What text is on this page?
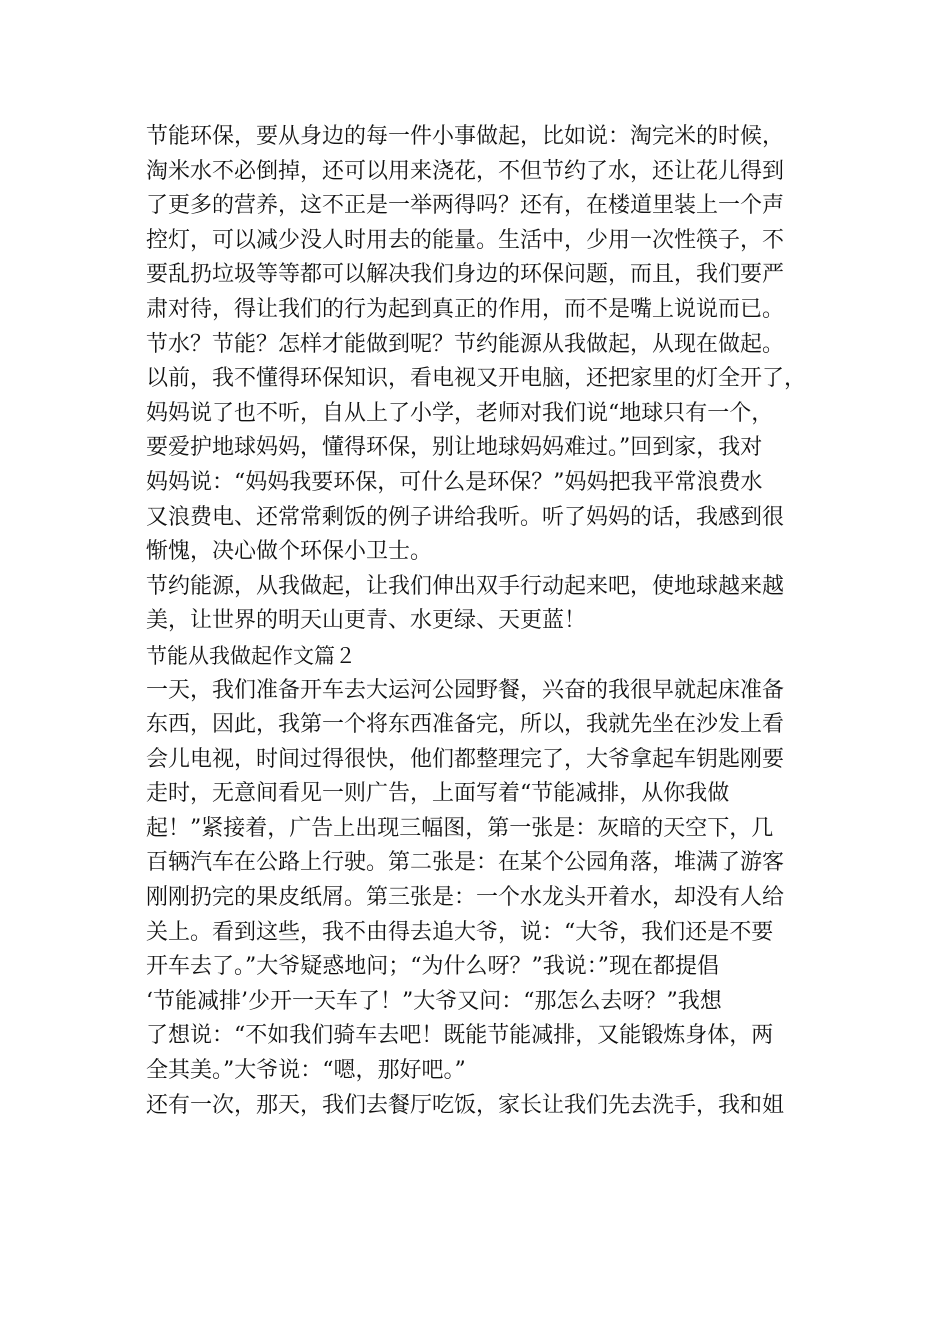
节能环保，要从身边的每一件小事做起，比如说：淘完米的时候，
淘米水不必倒掉，还可以用来浇花，不但节约了水，还让花儿得到
了更多的营养，这不正是一举两得吗？还有，在楼道里装上一个声
控灯，可以减少没人时用去的能量。生活中，少用一次性筷子，不
要乱扔垃圾等等都可以解决我们身边的环保问题，而且，我们要严
肃对待，得让我们的行为起到真正的作用，而不是嘴上说说而已。
节水？节能？怎样才能做到呢？节约能源从我做起，从现在做起。
以前，我不懂得环保知识，看电视又开电脑，还把家里的灯全开了，
妈妈说了也不听，自从上了小学，老师对我们说“地球只有一个，
要爱护地球妈妈，懂得环保，别让地球妈妈难过。”回到家，我对
妈妈说：“妈妈我要环保，可什么是环保？”妈妈把我平常浪费水
又浪费电、还常常剩饭的例子讲给我听。听了妈妈的话，我感到很
惭愧，决心做个环保小卫士。
节约能源，从我做起，让我们伸出双手行动起来吧，使地球越来越
美，让世界的明天山更青、水更绿、天更蓝！
节能从我做起作文篇２
一天，我们准备开车去大运河公园野餐，兴奋的我很早就起床准备
东西，因此，我第一个将东西准备完，所以，我就先坐在沙发上看
会儿电视，时间过得很快，他们都整理完了，大爷拿起车钥匙刚要
走时，无意间看见一则广告，上面写着“节能减排，从你我做
起！”紧接着，广告上出现三幅图，第一张是：灰暗的天空下，几
百辆汽车在公路上行驶。第二张是：在某个公园角落，堆满了游客
刚刚扔完的果皮纸屑。第三张是：一个水龙头开着水，却没有人给
关上。看到这些，我不由得去追大爷，说：“大爷，我们还是不要
开车去了。”大爷疑惑地问；“为什么呀？”我说：”现在都提倡
‘节能减排’少开一天车了！”大爷又问：“那怎么去呀？”我想
了想说：“不如我们骑车去吧！既能节能减排，又能锻炼身体，两
全其美。”大爷说：“嗯，那好吧。”
还有一次，那天，我们去餐厅吃饭，家长让我们先去洗手，我和姐
